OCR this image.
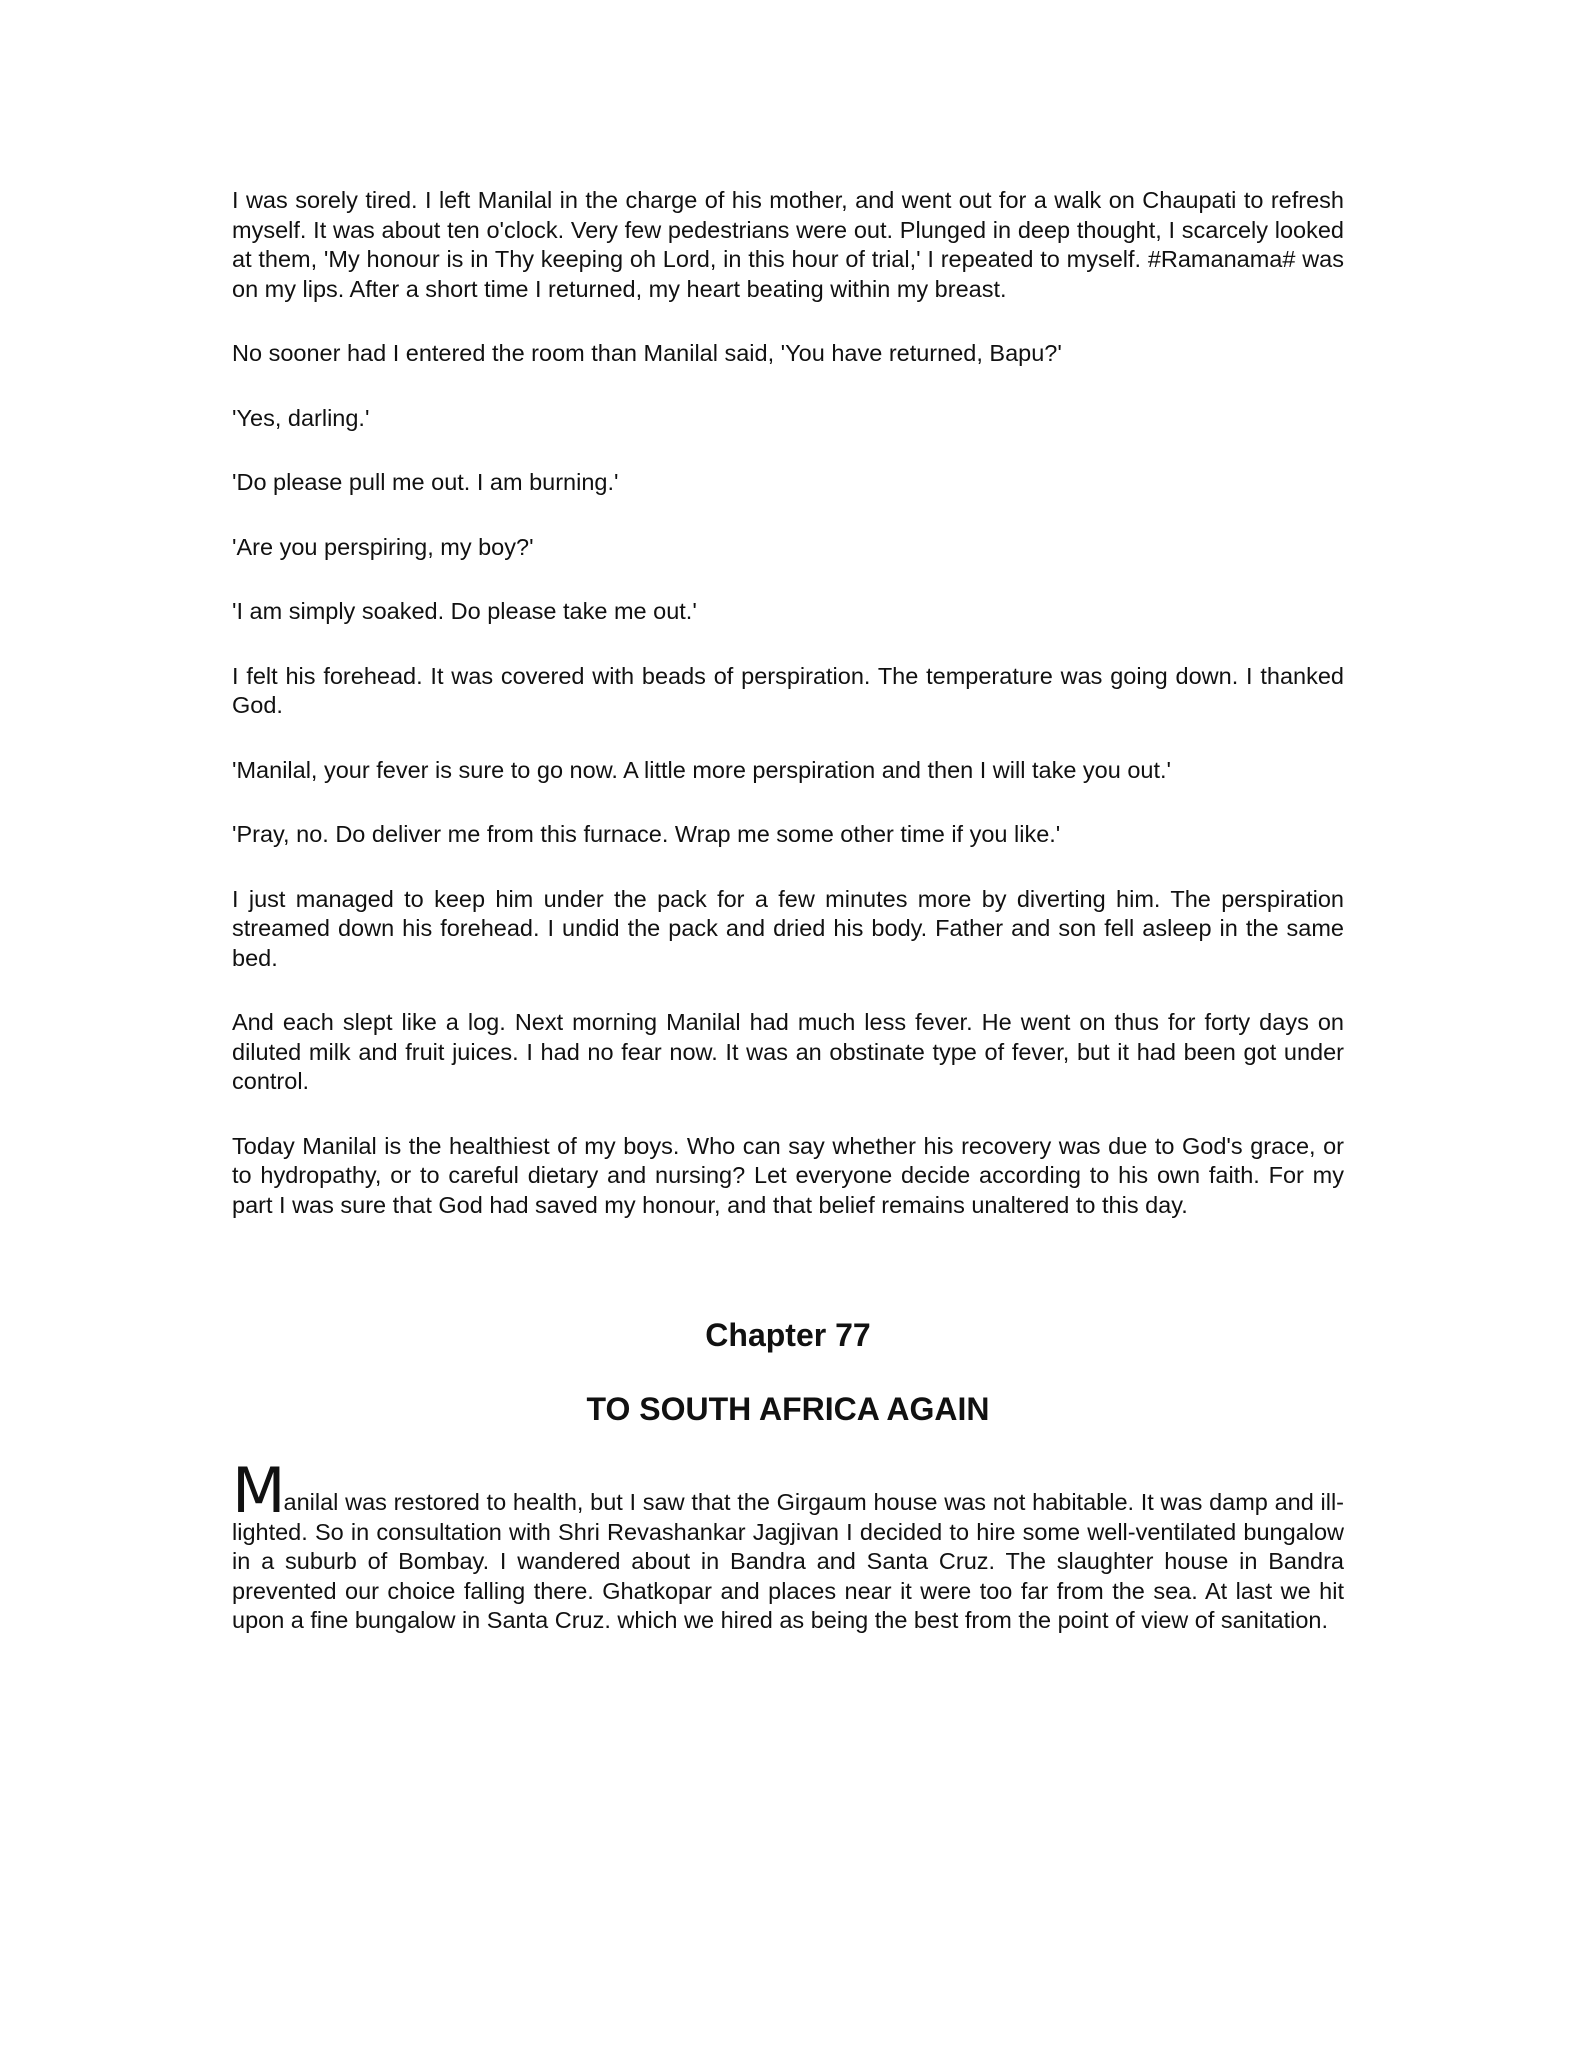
I was sorely tired. I left Manilal in the charge of his mother, and went out for a walk on Chaupati to refresh myself. It was about ten o'clock. Very few pedestrians were out. Plunged in deep thought, I scarcely looked at them, 'My honour is in Thy keeping oh Lord, in this hour of trial,' I repeated to myself. #Ramanama# was on my lips. After a short time I returned, my heart beating within my breast.

No sooner had I entered the room than Manilal said, 'You have returned, Bapu?'

'Yes, darling.'

'Do please pull me out. I am burning.'

'Are you perspiring, my boy?'

'I am simply soaked. Do please take me out.'

I felt his forehead. It was covered with beads of perspiration. The temperature was going down. I thanked God.

'Manilal, your fever is sure to go now. A little more perspiration and then I will take you out.'

'Pray, no. Do deliver me from this furnace. Wrap me some other time if you like.'

I just managed to keep him under the pack for a few minutes more by diverting him. The perspiration streamed down his forehead. I undid the pack and dried his body. Father and son fell asleep in the same bed.

And each slept like a log. Next morning Manilal had much less fever. He went on thus for forty days on diluted milk and fruit juices. I had no fear now. It was an obstinate type of fever, but it had been got under control.

Today Manilal is the healthiest of my boys. Who can say whether his recovery was due to God's grace, or to hydropathy, or to careful dietary and nursing? Let everyone decide according to his own faith. For my part I was sure that God had saved my honour, and that belief remains unaltered to this day.

Chapter 77
TO SOUTH AFRICA AGAIN

Manilal was restored to health, but I saw that the Girgaum house was not habitable. It was damp and ill-lighted. So in consultation with Shri Revashankar Jagjivan I decided to hire some well-ventilated bungalow in a suburb of Bombay. I wandered about in Bandra and Santa Cruz. The slaughter house in Bandra prevented our choice falling there. Ghatkopar and places near it were too far from the sea. At last we hit upon a fine bungalow in Santa Cruz. which we hired as being the best from the point of view of sanitation.
